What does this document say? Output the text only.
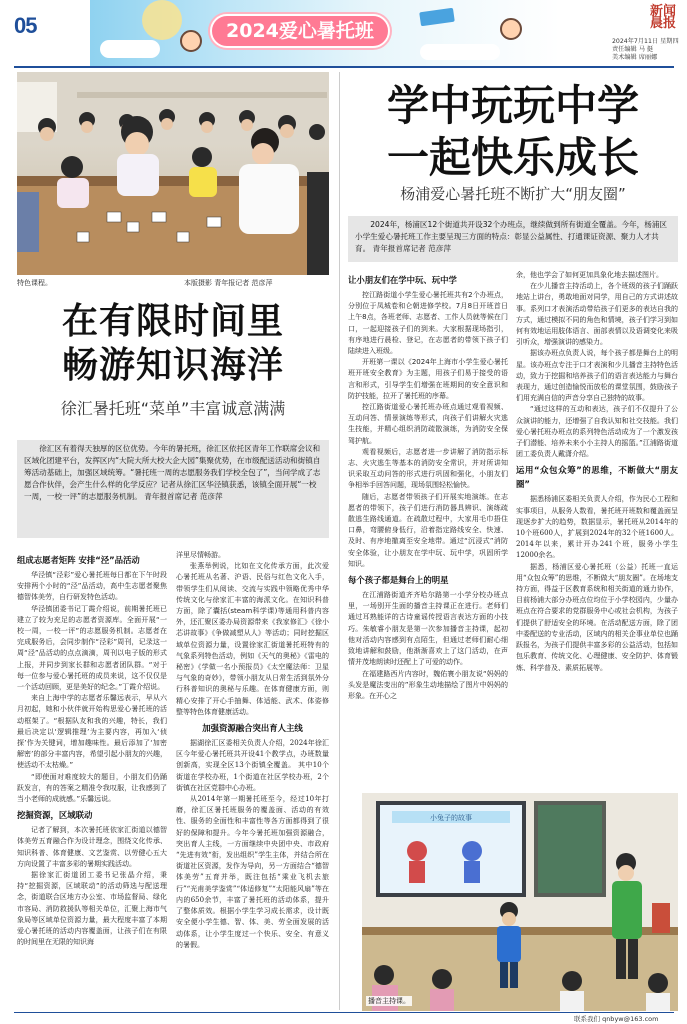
05	2024爱心暑托班
新闻晨报
2024年7月11日 星期四
责任编辑 马 挺
美术编辑 席丽娜
特色课程。	本版摄影 青年报记者 范彦萍
在有限时间里
畅游知识海洋
徐汇暑托班“菜单”丰富诚意满满
徐汇区有着得天独厚的区位优势。今年的暑托班，徐汇区依托区青年工作联席会议和区域化团建平台，发挥区内“大院大所大校大企大园”集聚优势，在市级配送活动和街镇自筹活动基础上，加强区域统筹。“暑托班一周的志愿服务我们学校全包了”，当问学成了志愿合作伙伴，会产生什么样的化学反应？记者从徐汇区华泾镇获悉，该镇全面开展“一校一周，一校一评”的志愿服务机制。 青年报首席记者 范彦萍
组成志愿者矩阵 安排“泾”品活动

华泾镇“泾彩”爱心暑托班每日都在下午时段安排两个小时的“泾”品活动，高中生志愿者聚焦德智体美劳，自行研发特色活动。

华泾镇团委书记丁霞介绍说，前期暑托班已建立了较为充足的志愿者资源库。全面开展“一校一周，一校一评”的志愿服务机制。志愿者在完成服务后，会同步制作“泾彩”周刊，记录这一周“泾”品活动的点点滴滴，周刊以电子版的形式上报，并同步到家长群和志愿者团队群。“对于每一位参与爱心暑托班的成员来说，这不仅仅是一个活动回顾，更是美好的纪念。”丁霞介绍说。

来自上海中学的志愿者乐馨远表示，早从六月初起，她和小伙伴就开始构思爱心暑托班的活动框架了。“根据队友和我的兴趣，特长，我们最后决定以‘逻辑推理’为主要内容，再加入‘侦探’作为关键词，增加趣味性。最后添加了‘加密解密’的部分丰富内容，希望引起小朋友的兴趣，使活动不太枯燥。”

“即使面对难度较大的题目，小朋友们仍踊跃发言，有的答案之精准令我叹服，让我感到了当小老师的成就感。”乐馨远说。

挖掘资源，区域联动

记者了解到，本次暑托班依家汇街道以德智体美劳五育融合作为设计理念，围绕文化传承、知识科普、体育健康、文艺鉴赏、以劳健心五大方向设置了丰富多彩的暑期实践活动。

据徐家汇街道团工委书记张晶介绍，秉持“挖掘资源，区域联动”的活动筛选与配送理念，街道联合区地方办公室、市场监督局、绿化市容局、消防救援队等相关单位，汇聚上海市气象局等区域单位资源力量，最大程度丰富了本期爱心暑托班的活动内容覆盖面，让孩子们在有限的时间里在无限的知识海

洋里尽情畅游。

张燕举例说，比如在文化传承方面，此次爱心暑托班从名著、沪语、民俗与红色文化入手，带领学生们从阅读、交流与实践中领略优秀中华传统文化与徐家汇丰富的海派文化。在知识科普方面，除了囊括(steam科学课)等通用科普内容外，还汇聚区委办局资源带来《我家修汇》《徐小芯讲故事》《争做减塑从人》等活动；同时挖掘区域单位资源力量，设置徐家汇街道暑托班特有的气象系列特色活动，例如《天气的奥秘》《雷电的秘密》《学做一名小预报员》《太空魔法师：卫星与气象的奇妙》，带领小朋友从日常生活到氛外分行科普知识的奥秘与乐趣。在体育健康方面，则精心安排了开心手抽舞、体适能、武术、体姿修整等特色体育健康活动。

加强资源融合突出育人主线

据湖徐汇区委相关负责人介绍，2024年徐汇区今年爱心暑托班共开设41个教学点，办班数量创新高，实现全区13个街镇全覆盖。 其中10个街道在学校办班，1个街道在社区学校办班，2个街镇在社区党群中心办班。

从2014年第一期暑托班至今，经过10年打磨，徐汇区暑托班服务的覆盖面、活动的有效性、服务的全面性和丰富性等各方面都得到了很好的保障和提升。今年今暑托班加强资源融合，突出育人主线，一方面继续中央团中央、市政府 “先进有效“衔，发出组织”学生主体，并结合所在街道社区资源，发作为导向，另一方面结合“德智体美劳”五育并举，既注包括“乘业飞机去旅行”“光甫美学鉴赏”“体适修复”“太阳能风扇”等在内的650余节，丰富了暑托班的活动体系，提升了整体质效。根据小学生学习成长需求，设计既安全便小学生德、智、体、美、劳全面发展的活动体系，让小学生度过一个快乐、安全、有意义的暑假。

学中玩玩中学
一起快乐成长
杨浦爱心暑托班不断扩大“朋友圈”
2024年，杨浦区12个街道共开设32个办班点，继续做到所有街道全覆盖。今年，杨浦区小学生爱心暑托班工作主要呈现三方面的特点：彰显公益属性、打通课证资源、聚力人才共育。 青年报首席记者 范彦萍
让小朋友们在学中玩、玩中学

控江路街道小学生爱心暑托班共有2个办班点，分别位于凤城卷和仑朝进修学校。7月8日开班首日上午8点，各班老师、志愿者、工作人员就等候在门口，一起迎接孩子们的到来。大家根据现场指引，有序地进行晨检、登记，在志愿者的带领下孩子们陆续进入班级。

开班第一课以《2024年上海市小学生爱心暑托班开班安全教育》为主题，用孩子们易于接受的语言和形式，引导学生们增强在班期间的安全意识和防护技能，拉开了暑托班的序幕。

控江路街道爱心暑托班办班点通过观看视频、互动问答、情景演练等形式，向孩子们讲解火灾逃生技能，并精心组织消防疏散演练，为消防安全保驾护航。

观看视频后，志愿者进一步讲解了消防指示标志、火灾逃生等基本的消防安全常识，并对所讲知识采取互动问答的形式进行巩固和强化，小朋友们争相举手回答问题，现场氛围轻松愉快。

随后，志愿者带领孩子们开展实地演练。在志愿者的带领下，孩子们进行消防器具辨识、演练疏散逃生路线通道。在疏散过程中，大家用毛巾捂住口鼻，弯腰俯身低行，沿着指定路线安全、快速、及时、有序地撤离至安全地带。通过“沉浸式”消防安全体验，让小朋友在学中玩、玩中学，巩固所学知识。

每个孩子都是舞台上的明星

在江浦路街道齐齐哈尔路第一小学分校办班点里，一场别开生面的播音主持课正在进行。老师们通过耳熟能详的古诗童谣传授语言表达方面的小技巧。朱敏睿小朋友是第一次参加播音主持课，起初他对活动内容感到有点陌生，但通过老师们耐心细致地讲解和鼓励，他渐渐喜欢上了这门活动，在声情并茂地朗读时还配上了可爱的动作。

在福建路西片内容时，魏佑寰小朋友说“妈妈的头发是魔法变出的”形象生动地描绘了图片中妈妈的形象。在开心之

余，他也学会了如何更加具象化地去描述图片。

在少儿播音主持活动上，各个班级的孩子们踊跃地站上讲台，勇敢地面对同学，用自己的方式讲述故事。系列口才表演活动带给孩子们更多的表达自我的方式，通过模拟不同的角色和情境，孩子们学习到如何有效地运用肢体语言、面部表情以及语调变化来吸引听众，增强演讲的感染力。

据该办班点负责人说，每个孩子都是舞台上的明星。该办班点专注于口才表演和少儿播音主持特色活动，致力于挖掘和培养孩子们的语言表达能力与舞台表现力，通过创造愉悦而放松的课堂氛围，鼓励孩子们用充满自信的声音分享自己独特的故事。

“通过这样的互动和表达，孩子们不仅提升了公众演讲的能力，还增强了自我认知和社交技能。我们爱心暑托班办班点的系列特色活动成为了一个激发孩子们潜能、培养未来小小主持人的摇篮。”江浦路街道团工委负责人戴潇介绍。

运用“众包众筹”的思维，不断做大“朋友圈”

据悉杨浦区委相关负责人介绍，作为民心工程和实事项目，从服务人数看，暑托班开班数和覆盖面呈现逐步扩大的趋势，数据显示，暑托班从2014年的10个班600人，扩展到2024年的32个班1600人。2014年以来，累计开办241个班，服务小学生12000余名。

据悉，杨浦区爱心暑托班（公益）托班一直运用“众包众筹”的思维，不断做大“朋友圈”。在场地支持方面，得益于区教育系统和相关街道的通力协作，目前杨浦大部分办班点位均位于小学校园内，少量办班点在符合要求的党群服务中心或社会机构，为孩子们提供了舒适安全的环境。在活动配送方面，除了团中委配送的专业活动，区域内的相关企事业单位也踊跃报名，为孩子们提供丰富多彩的公益活动，包括如包乐教育、传统文化、心理健康、安全防护、体育锻炼、科学普及、素质拓展等。

小兔子的故事
播音主持课。
联系我们 qnbyw@163.com
